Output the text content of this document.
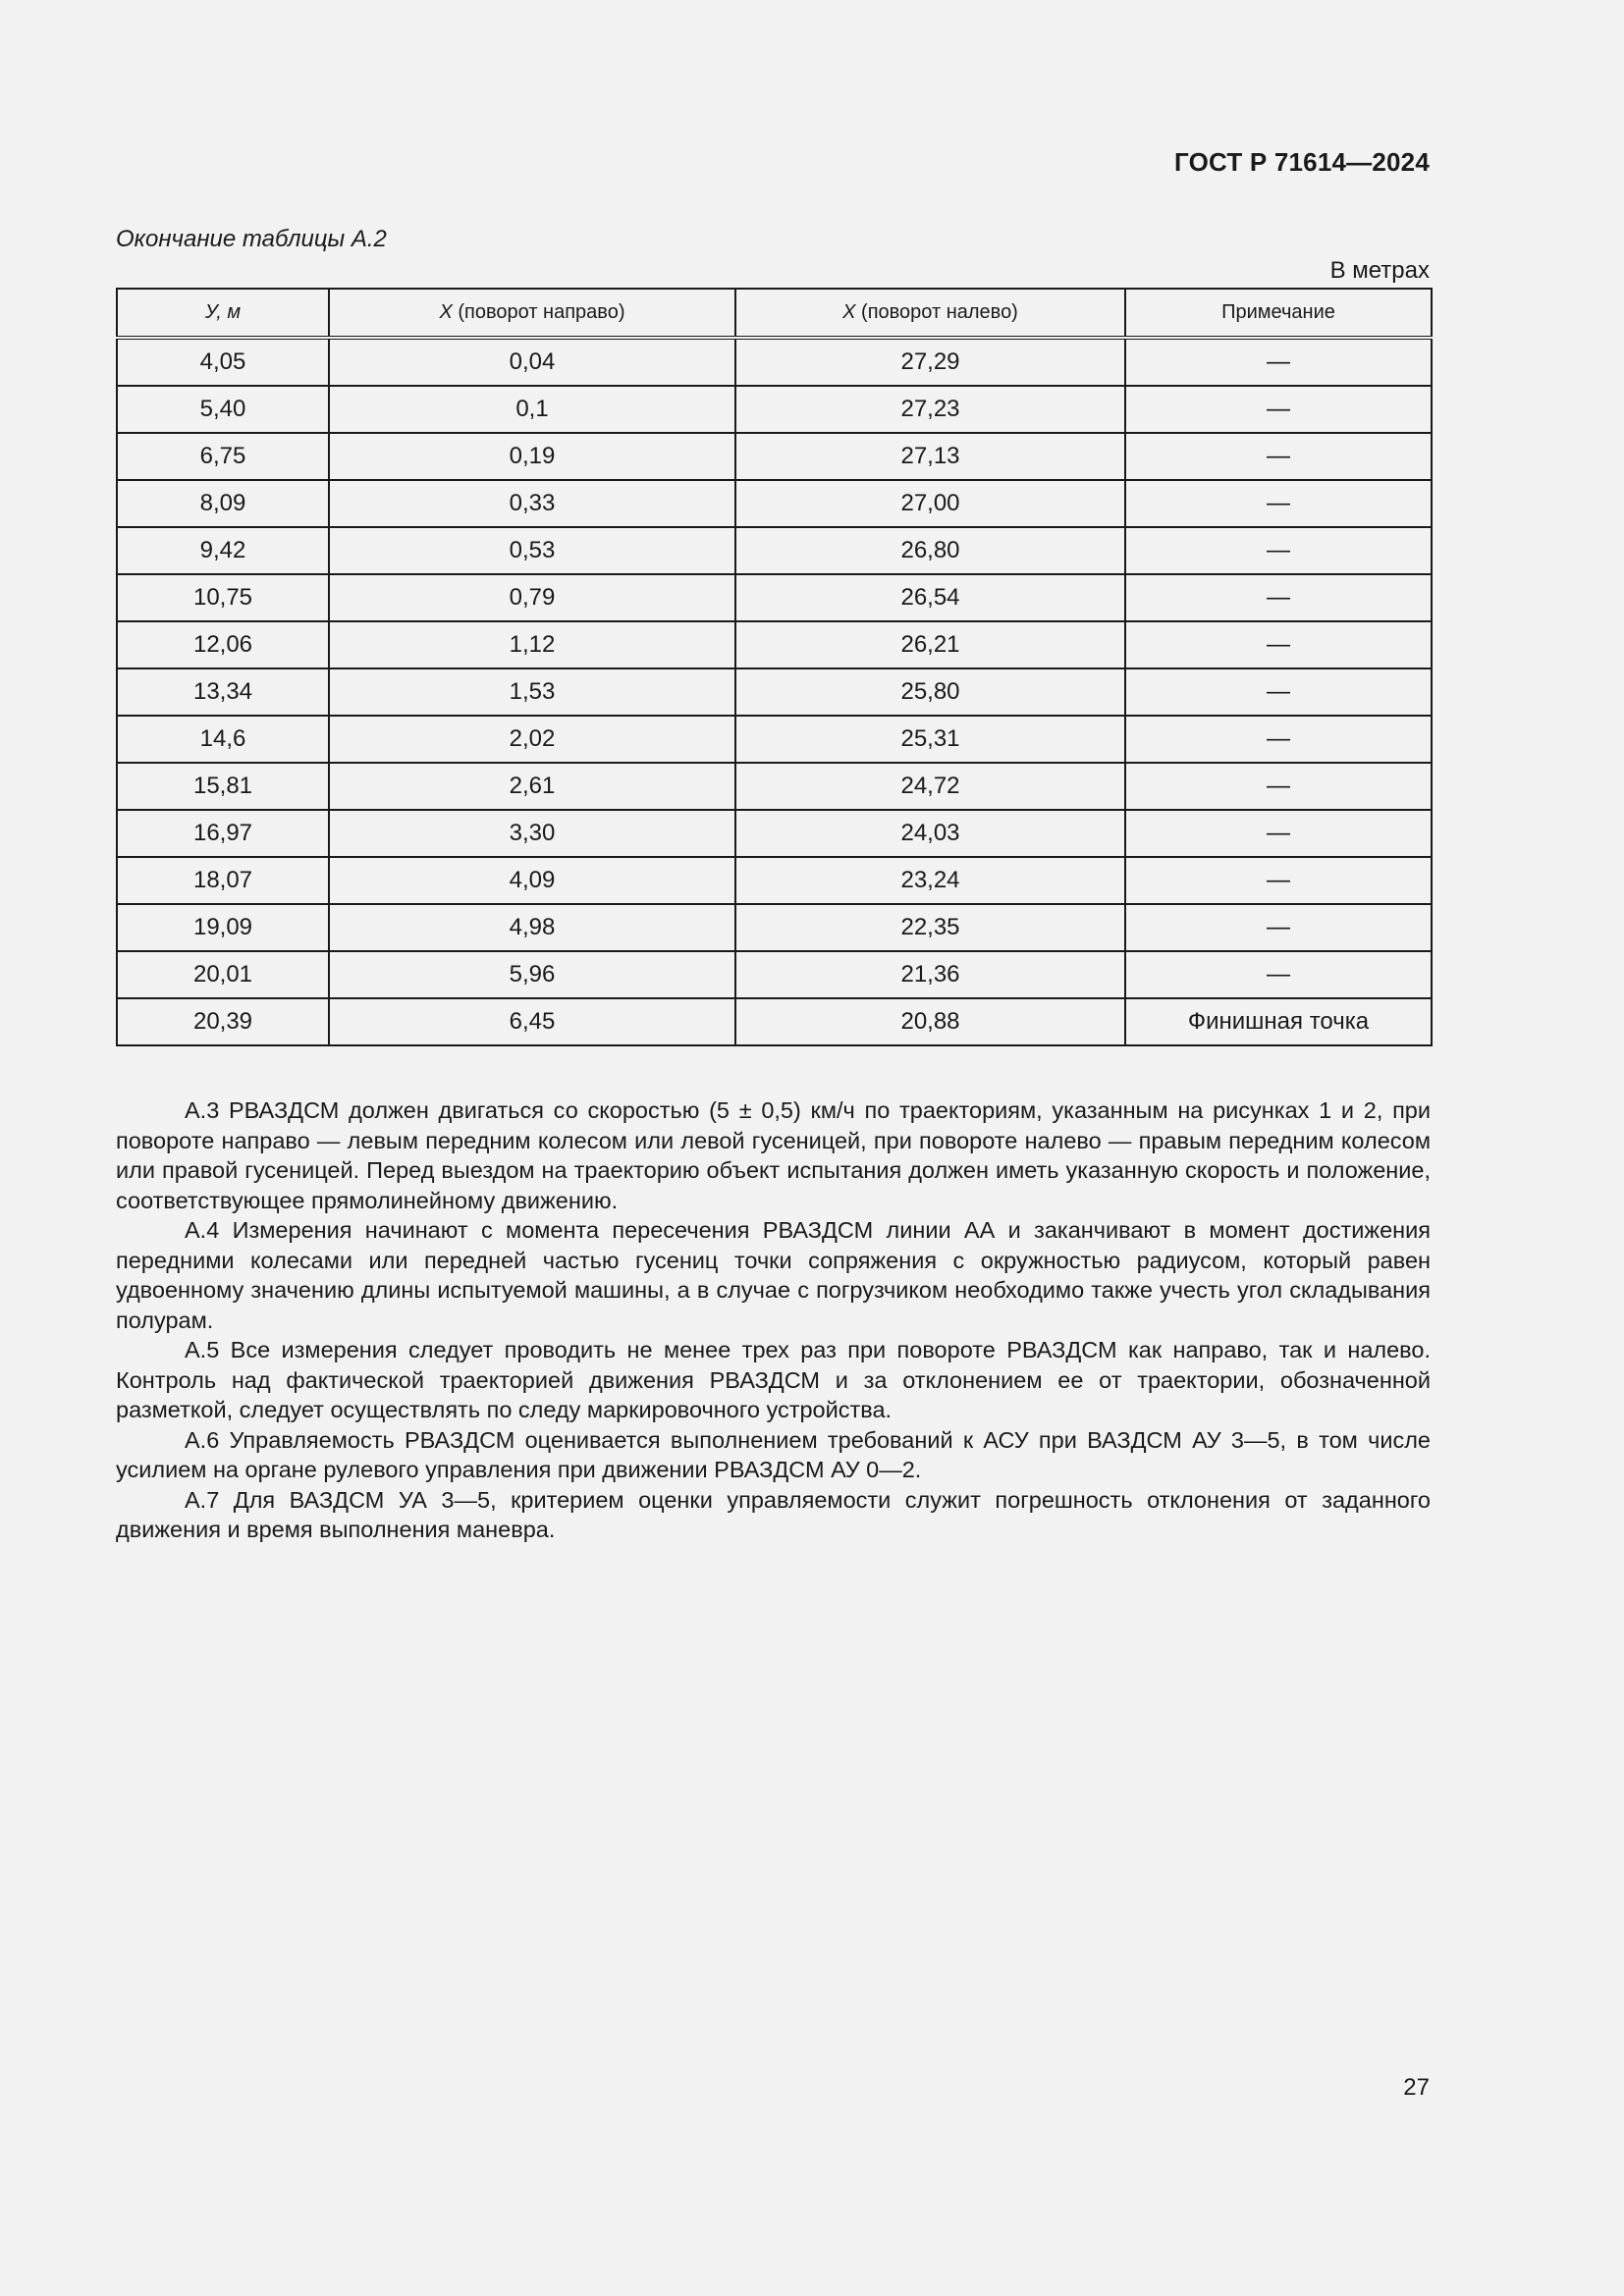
ГОСТ Р 71614—2024
Окончание таблицы А.2
В метрах
У, м	X (поворот направо)	X (поворот налево)	Примечание
4,05	0,04	27,29	—
5,40	0,1	27,23	—
6,75	0,19	27,13	—
8,09	0,33	27,00	—
9,42	0,53	26,80	—
10,75	0,79	26,54	—
12,06	1,12	26,21	—
13,34	1,53	25,80	—
14,6	2,02	25,31	—
15,81	2,61	24,72	—
16,97	3,30	24,03	—
18,07	4,09	23,24	—
19,09	4,98	22,35	—
20,01	5,96	21,36	—
20,39	6,45	20,88	Финишная точка

А.3 РВАЗДСМ должен двигаться со скоростью (5 ± 0,5) км/ч по траекториям, указанным на рисунках 1 и 2, при повороте направо — левым передним колесом или левой гусеницей, при повороте налево — правым передним колесом или правой гусеницей. Перед выездом на траекторию объект испытания должен иметь указанную скорость и положение, соответствующее прямолинейному движению.

А.4 Измерения начинают с момента пересечения РВАЗДСМ линии АА и заканчивают в момент достижения передними колесами или передней частью гусениц точки сопряжения с окружностью радиусом, который равен удвоенному значению длины испытуемой машины, а в случае с погрузчиком необходимо также учесть угол складывания полурам.

А.5 Все измерения следует проводить не менее трех раз при повороте РВАЗДСМ как направо, так и налево. Контроль над фактической траекторией движения РВАЗДСМ и за отклонением ее от траектории, обозначенной разметкой, следует осуществлять по следу маркировочного устройства.

А.6 Управляемость РВАЗДСМ оценивается выполнением требований к АСУ при ВАЗДСМ АУ 3—5, в том числе усилием на органе рулевого управления при движении РВАЗДСМ АУ 0—2.

А.7 Для ВАЗДСМ УА 3—5, критерием оценки управляемости служит погрешность отклонения от заданного движения и время выполнения маневра.

27
